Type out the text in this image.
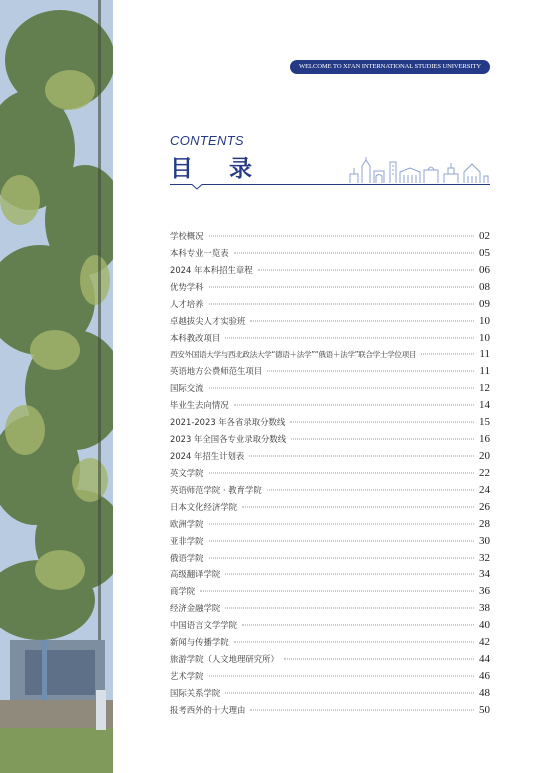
WELCOME TO XI'AN INTERNATIONAL STUDIES UNIVERSITY
CONTENTS
目 录
学校概况	02
本科专业一览表	05
2024 年本科招生章程	06
优势学科	08
人才培养	09
卓越拔尖人才实验班	10
本科教改项目	10
西安外国语大学与西北政法大学“德语＋法学”“俄语＋法学”联合学士学位项目	11
英语地方公费师范生项目	11
国际交流	12
毕业生去向情况	14
2021-2023 年各省录取分数线	15
2023 年全国各专业录取分数线	16
2024 年招生计划表	20
英文学院	22
英语师范学院 · 教育学院	24
日本文化经济学院	26
欧洲学院	28
亚非学院	30
俄语学院	32
高级翻译学院	34
商学院	36
经济金融学院	38
中国语言文学学院	40
新闻与传播学院	42
旅游学院（人文地理研究所）	44
艺术学院	46
国际关系学院	48
报考西外的十大理由	50
